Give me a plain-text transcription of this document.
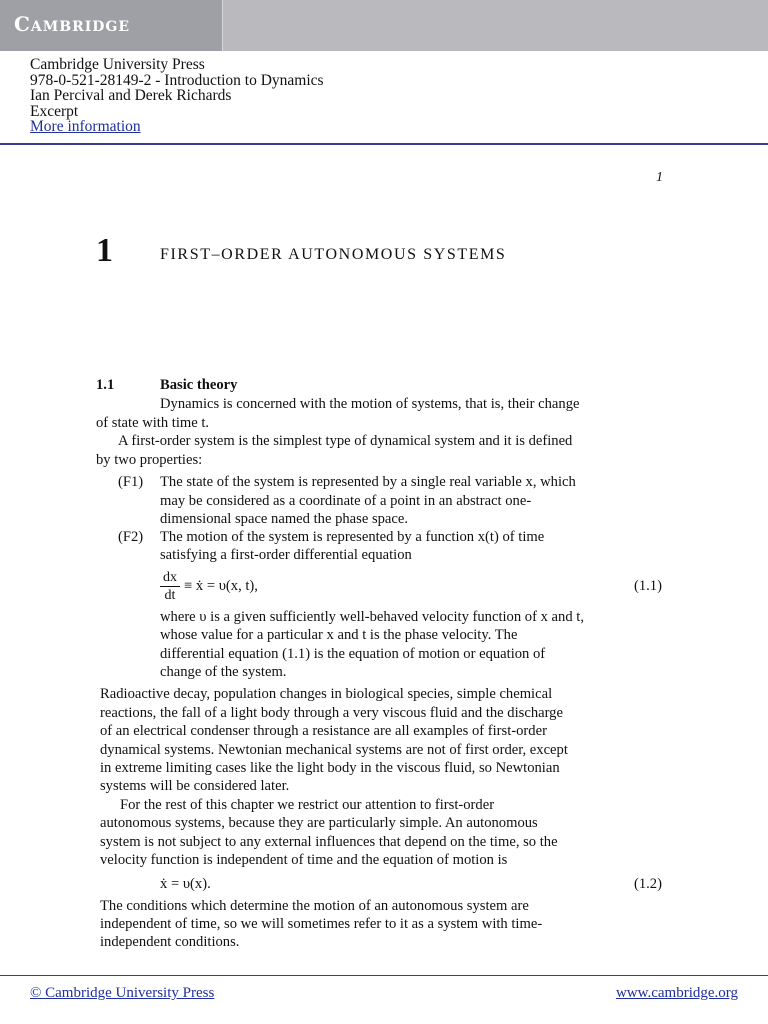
Cambridge
Cambridge University Press
978-0-521-28149-2 - Introduction to Dynamics
Ian Percival and Derek Richards
Excerpt
More information
1
1	FIRST–ORDER AUTONOMOUS SYSTEMS
1.1	Basic theory
Dynamics is concerned with the motion of systems, that is, their change
of state with time t.
A first-order system is the simplest type of dynamical system and it is defined
by two properties:
(F1) The state of the system is represented by a single real variable x, which
may be considered as a coordinate of a point in an abstract one-
dimensional space named the phase space.
(F2) The motion of the system is represented by a function x(t) of time
satisfying a first-order differential equation
dx
dt
≡ ẋ = υ(x, t),	(1.1)
where υ is a given sufficiently well-behaved velocity function of x and t,
whose value for a particular x and t is the phase velocity. The
differential equation (1.1) is the equation of motion or equation of
change of the system.
Radioactive decay, population changes in biological species, simple chemical
reactions, the fall of a light body through a very viscous fluid and the discharge
of an electrical condenser through a resistance are all examples of first-order
dynamical systems. Newtonian mechanical systems are not of first order, except
in extreme limiting cases like the light body in the viscous fluid, so Newtonian
systems will be considered later.
For the rest of this chapter we restrict our attention to first-order
autonomous systems, because they are particularly simple. An autonomous
system is not subject to any external influences that depend on the time, so the
velocity function is independent of time and the equation of motion is
ẋ = υ(x).	(1.2)
The conditions which determine the motion of an autonomous system are
independent of time, so we will sometimes refer to it as a system with time-
independent conditions.
© Cambridge University Press	www.cambridge.org
